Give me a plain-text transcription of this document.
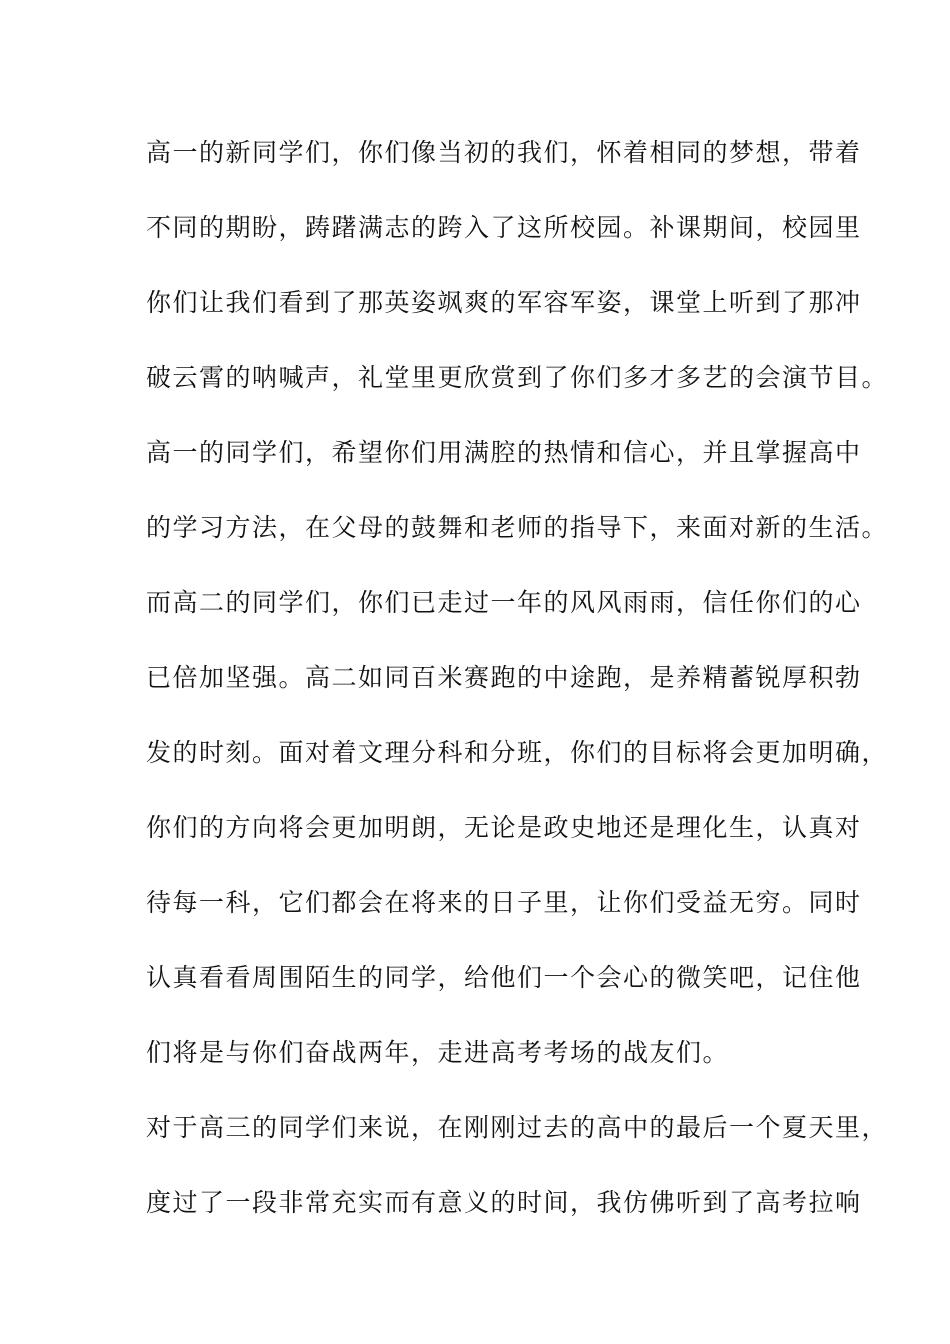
高一的新同学们，你们像当初的我们，怀着相同的梦想，带着
不同的期盼，踌躇满志的跨入了这所校园。补课期间，校园里
你们让我们看到了那英姿飒爽的军容军姿，课堂上听到了那冲
破云霄的呐喊声，礼堂里更欣赏到了你们多才多艺的会演节目。
高一的同学们，希望你们用满腔的热情和信心，并且掌握高中
的学习方法，在父母的鼓舞和老师的指导下，来面对新的生活。
而高二的同学们，你们已走过一年的风风雨雨，信任你们的心
已倍加坚强。高二如同百米赛跑的中途跑，是养精蓄锐厚积勃
发的时刻。面对着文理分科和分班，你们的目标将会更加明确，
你们的方向将会更加明朗，无论是政史地还是理化生，认真对
待每一科，它们都会在将来的日子里，让你们受益无穷。同时
认真看看周围陌生的同学，给他们一个会心的微笑吧，记住他
们将是与你们奋战两年，走进高考考场的战友们。
对于高三的同学们来说，在刚刚过去的高中的最后一个夏天里，
度过了一段非常充实而有意义的时间，我仿佛听到了高考拉响
